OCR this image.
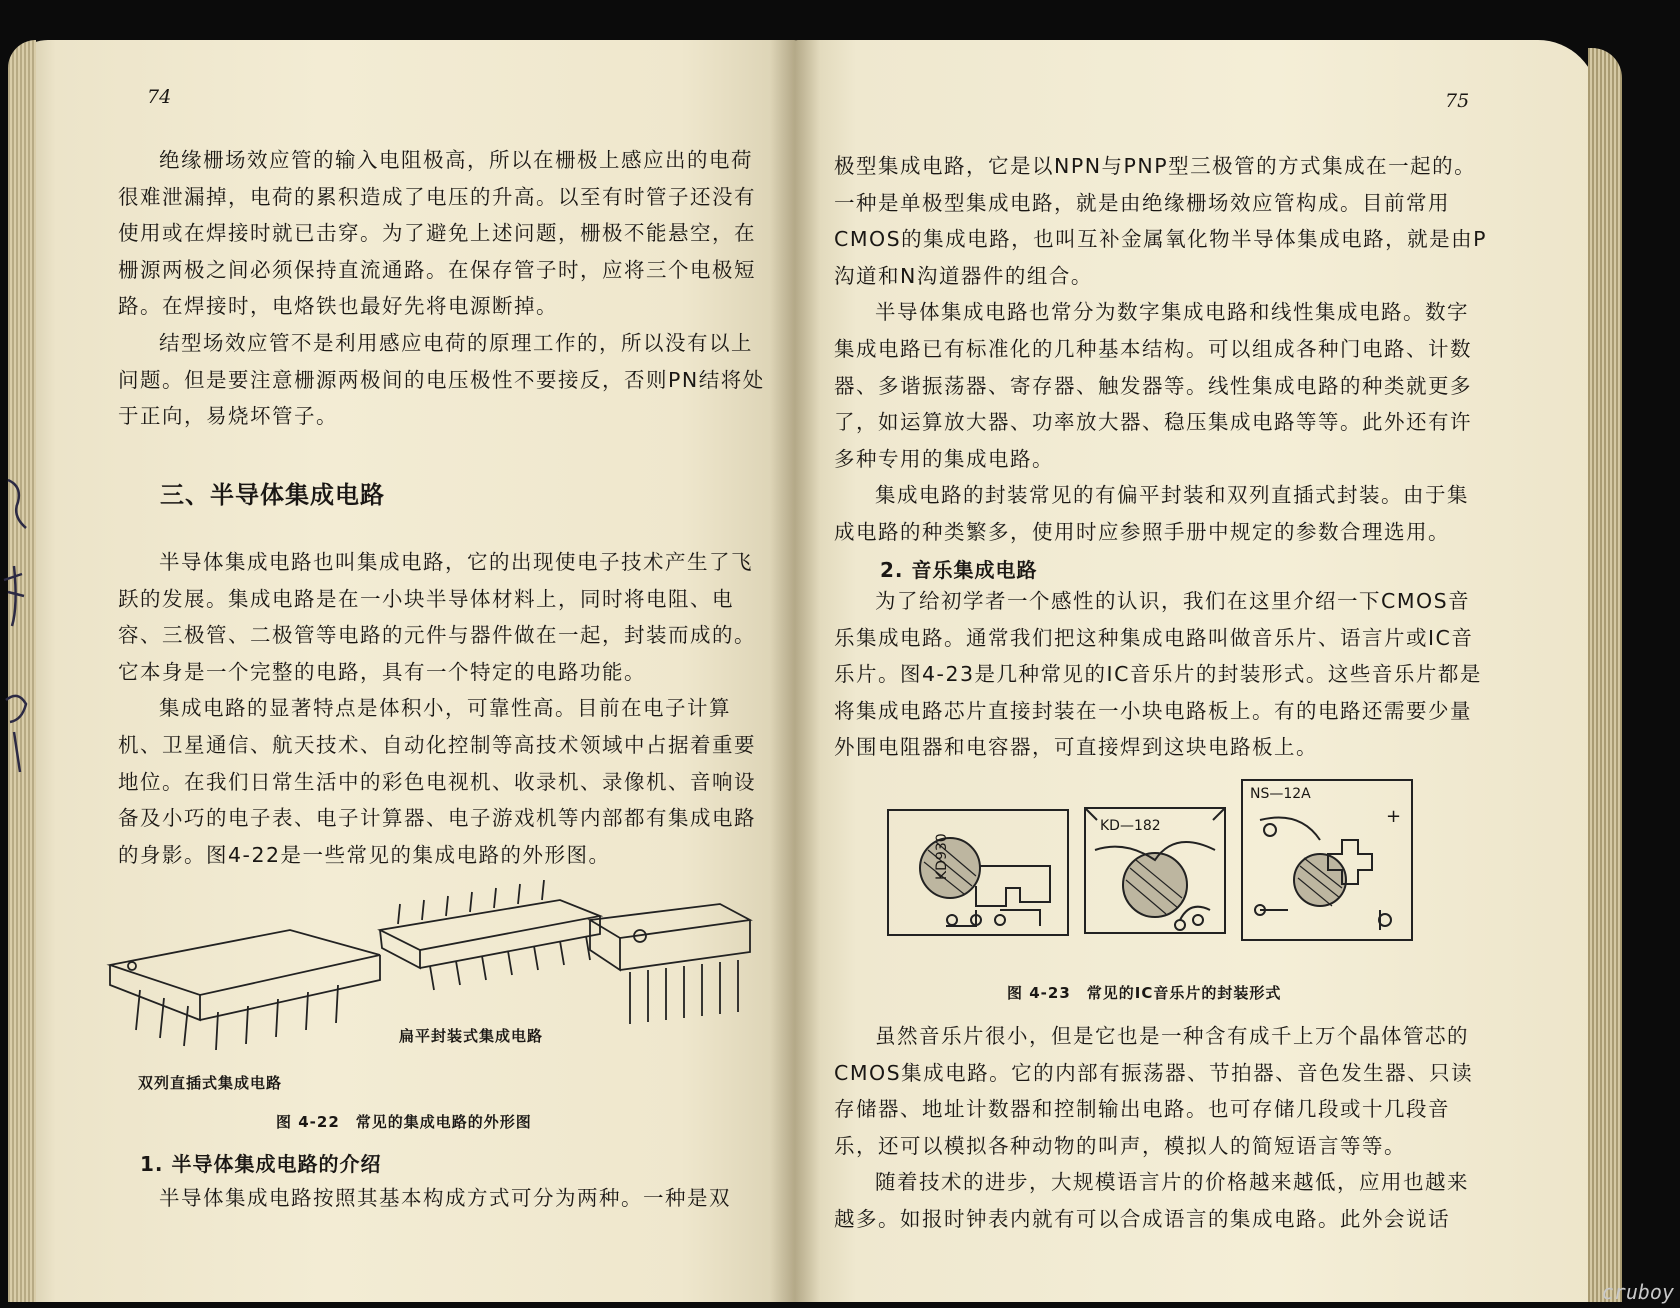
74

绝缘栅场效应管的输入电阻极高，所以在栅极上感应出的电荷很难泄漏掉，电荷的累积造成了电压的升高。以至有时管子还没有使用或在焊接时就已击穿。为了避免上述问题，栅极不能悬空，在栅源两极之间必须保持直流通路。在保存管子时，应将三个电极短路。在焊接时，电烙铁也最好先将电源断掉。

结型场效应管不是利用感应电荷的原理工作的，所以没有以上问题。但是要注意栅源两极间的电压极性不要接反，否则PN结将处于正向，易烧坏管子。

三、半导体集成电路

半导体集成电路也叫集成电路，它的出现使电子技术产生了飞跃的发展。集成电路是在一小块半导体材料上，同时将电阻、电容、三极管、二极管等电路的元件与器件做在一起，封装而成的。它本身是一个完整的电路，具有一个特定的电路功能。

集成电路的显著特点是体积小，可靠性高。目前在电子计算机、卫星通信、航天技术、自动化控制等高技术领域中占据着重要地位。在我们日常生活中的彩色电视机、收录机、录像机、音响设备及小巧的电子表、电子计算器、电子游戏机等内部都有集成电路的身影。图4-22是一些常见的集成电路的外形图。

扁平封装式集成电路
双列直插式集成电路
图 4-22　常见的集成电路的外形图
1. 半导体集成电路的介绍

半导体集成电路按照其基本构成方式可分为两种。一种是双

75

极型集成电路，它是以NPN与PNP型三极管的方式集成在一起的。一种是单极型集成电路，就是由绝缘栅场效应管构成。目前常用CMOS的集成电路，也叫互补金属氧化物半导体集成电路，就是由P沟道和N沟道器件的组合。

半导体集成电路也常分为数字集成电路和线性集成电路。数字集成电路已有标准化的几种基本结构。可以组成各种门电路、计数器、多谐振荡器、寄存器、触发器等。线性集成电路的种类就更多了，如运算放大器、功率放大器、稳压集成电路等等。此外还有许多种专用的集成电路。

集成电路的封装常见的有偏平封装和双列直插式封装。由于集成电路的种类繁多，使用时应参照手册中规定的参数合理选用。

2. 音乐集成电路

为了给初学者一个感性的认识，我们在这里介绍一下CMOS音乐集成电路。通常我们把这种集成电路叫做音乐片、语言片或IC音乐片。图4-23是几种常见的IC音乐片的封装形式。这些音乐片都是将集成电路芯片直接封装在一小块电路板上。有的电路还需要少量外围电阻器和电容器，可直接焊到这块电路板上。

KD930
KD—182
NS—12A
+
图 4-23　常见的IC音乐片的封装形式

虽然音乐片很小，但是它也是一种含有成千上万个晶体管芯的CMOS集成电路。它的内部有振荡器、节拍器、音色发生器、只读存储器、地址计数器和控制输出电路。也可存储几段或十几段音乐，还可以模拟各种动物的叫声，模拟人的简短语言等等。

随着技术的进步，大规模语言片的价格越来越低，应用也越来越多。如报时钟表内就有可以合成语言的集成电路。此外会说话

cruboy
